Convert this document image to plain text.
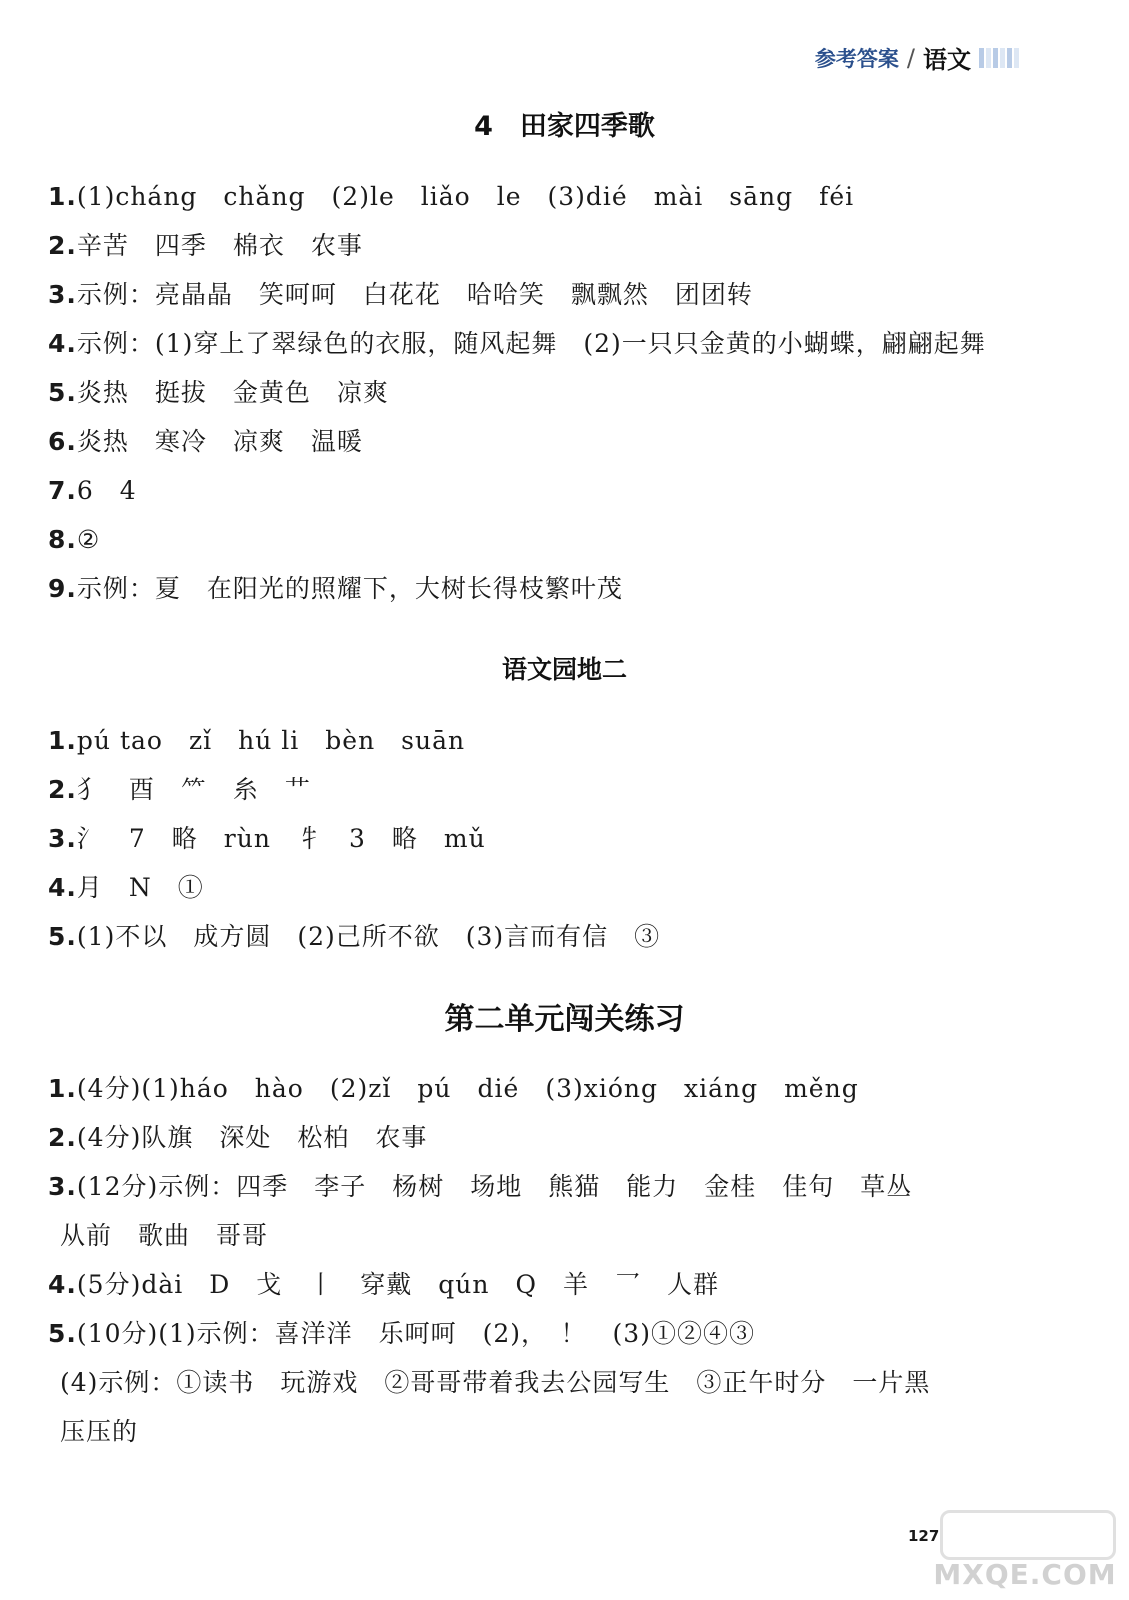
参考答案 / 语文
4　田家四季歌
1.(1)cháng　chǎng　(2)le　liǎo　le　(3)dié　mài　sāng　féi
2.辛苦　四季　棉衣　农事
3.示例：亮晶晶　笑呵呵　白花花　哈哈笑　飘飘然　团团转
4.示例：(1)穿上了翠绿色的衣服，随风起舞　(2)一只只金黄的小蝴蝶，翩翩起舞
5.炎热　挺拔　金黄色　凉爽
6.炎热　寒冷　凉爽　温暖
7.6　4
8.②
9.示例：夏　在阳光的照耀下，大树长得枝繁叶茂
语文园地二
1.pú tao　zǐ　hú li　bèn　suān
2.犭　酉　⺮　糸　艹
3.氵　7　略　rùn　牜　3　略　mǔ
4.月　N　①
5.(1)不以　成方圆　(2)己所不欲　(3)言而有信　③
第二单元闯关练习
1.(4分)(1)háo　hào　(2)zǐ　pú　dié　(3)xióng　xiáng　měng
2.(4分)队旗　深处　松柏　农事
3.(12分)示例：四季　李子　杨树　场地　熊猫　能力　金桂　佳句　草丛
从前　歌曲　哥哥
4.(5分)dài　D　戈　丨　穿戴　qún　Q　羊　乛　人群
5.(10分)(1)示例：喜洋洋　乐呵呵　(2)，　！　(3)①②④③
(4)示例：①读书　玩游戏　②哥哥带着我去公园写生　③正午时分　一片黑
压压的
127
MXQE.COM
